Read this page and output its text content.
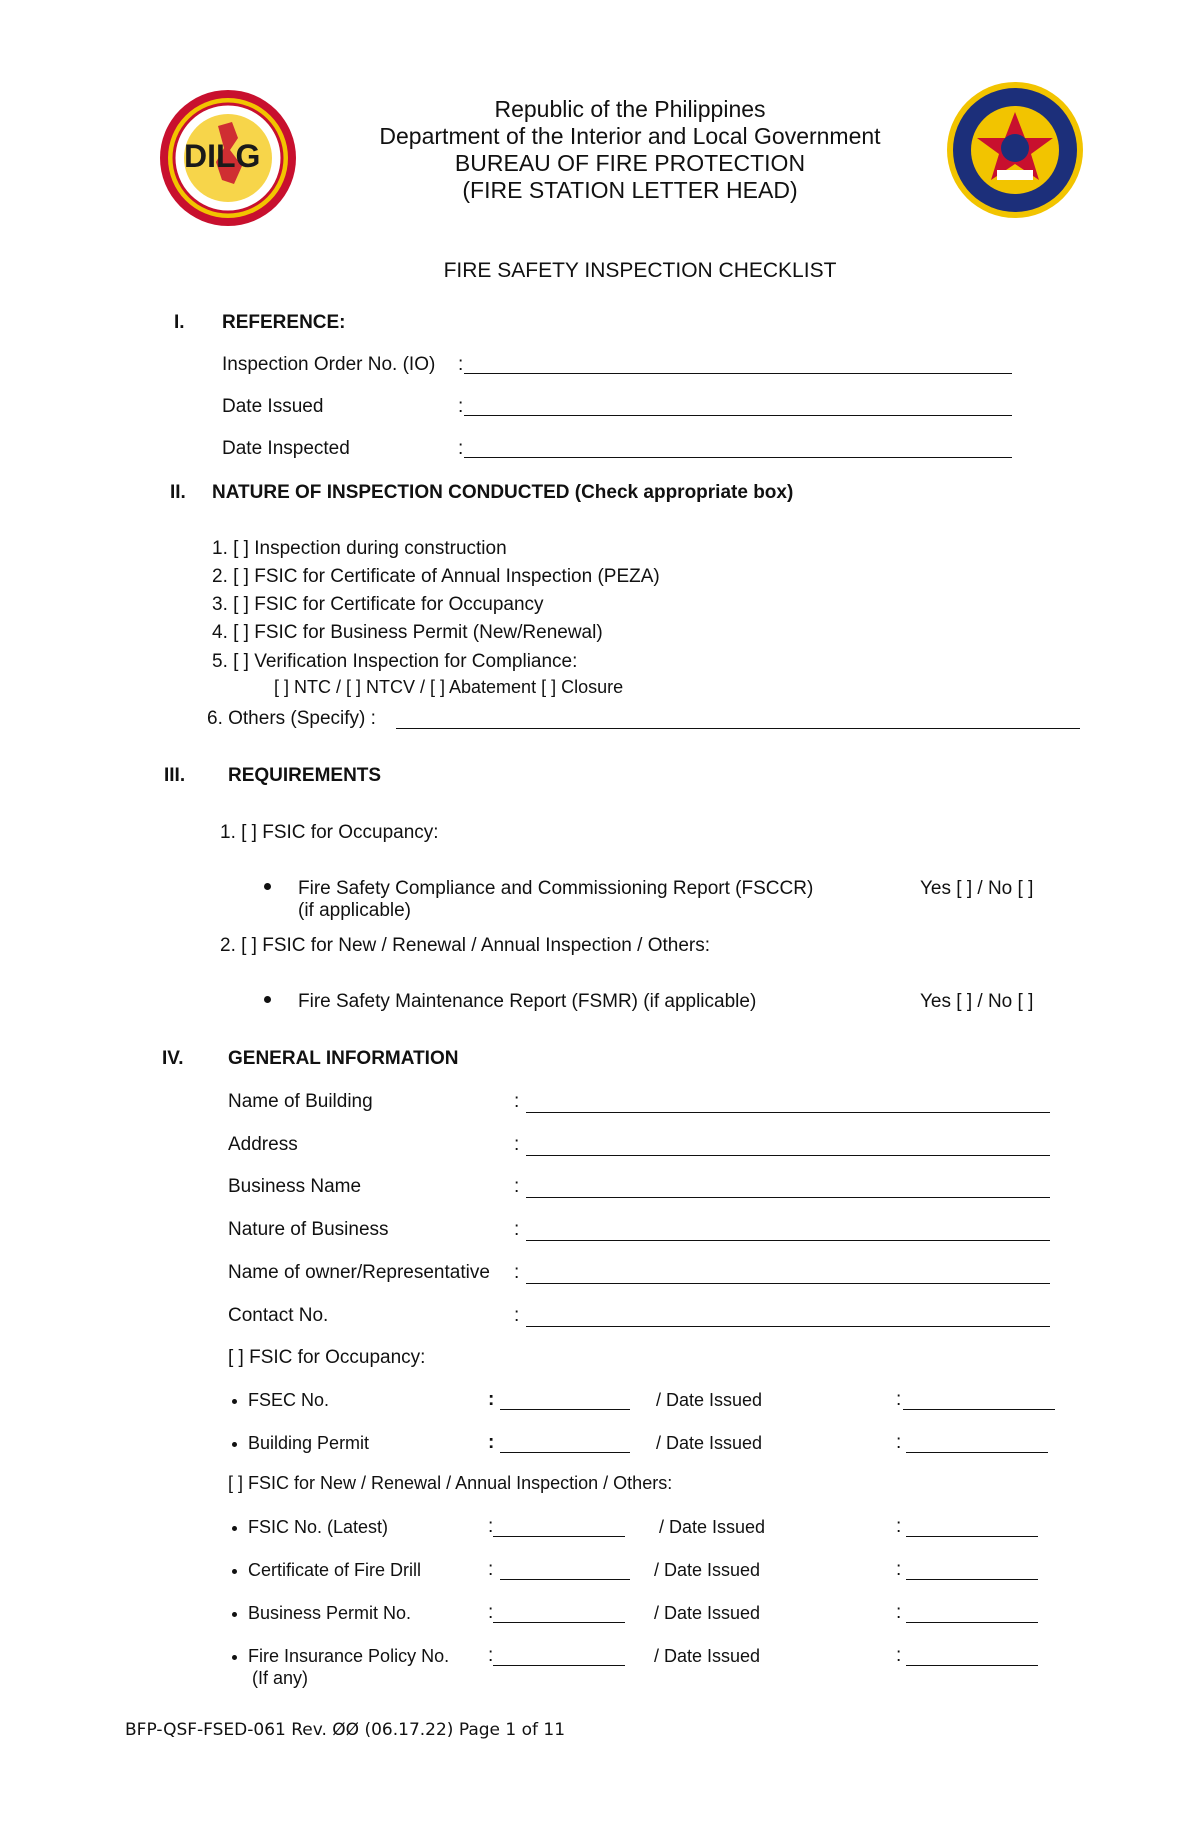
DILG
Republic of the Philippines
Department of the Interior and Local Government
BUREAU OF FIRE PROTECTION
(FIRE STATION LETTER HEAD)
FIRE SAFETY INSPECTION CHECKLIST
I. REFERENCE:
Inspection Order No. (IO) :
Date Issued	:
Date Inspected	:
II. NATURE OF INSPECTION CONDUCTED (Check appropriate box)
1. [ ] Inspection during construction
2. [ ] FSIC for Certificate of Annual Inspection (PEZA)
3. [ ] FSIC for Certificate for Occupancy
4. [ ] FSIC for Business Permit (New/Renewal)
5. [ ] Verification Inspection for Compliance:
[ ] NTC / [ ] NTCV / [ ] Abatement [ ] Closure
6. Others (Specify) :
III. REQUIREMENTS
1. [ ] FSIC for Occupancy:
Fire Safety Compliance and Commissioning Report (FSCCR)
(if applicable)
Yes [ ] / No [ ]
2. [ ] FSIC for New / Renewal / Annual Inspection / Others:
Fire Safety Maintenance Report (FSMR) (if applicable)	Yes [ ] / No [ ]
IV. GENERAL INFORMATION
Name of Building	:
Address	:
Business Name	:
Nature of Business	:
Name of owner/Representative :
Contact No.	:
[ ] FSIC for Occupancy:
FSEC No.	:	/ Date Issued	:
Building Permit	:	/ Date Issued	:
[ ] FSIC for New / Renewal / Annual Inspection / Others:
FSIC No. (Latest)	:	/ Date Issued	:
Certificate of Fire Drill	:	/ Date Issued	:
Business Permit No.	:	/ Date Issued	:
Fire Insurance Policy No.
(If any)
:	/ Date Issued	:
BFP-QSF-FSED-061 Rev. ØØ (06.17.22) Page 1 of 11
